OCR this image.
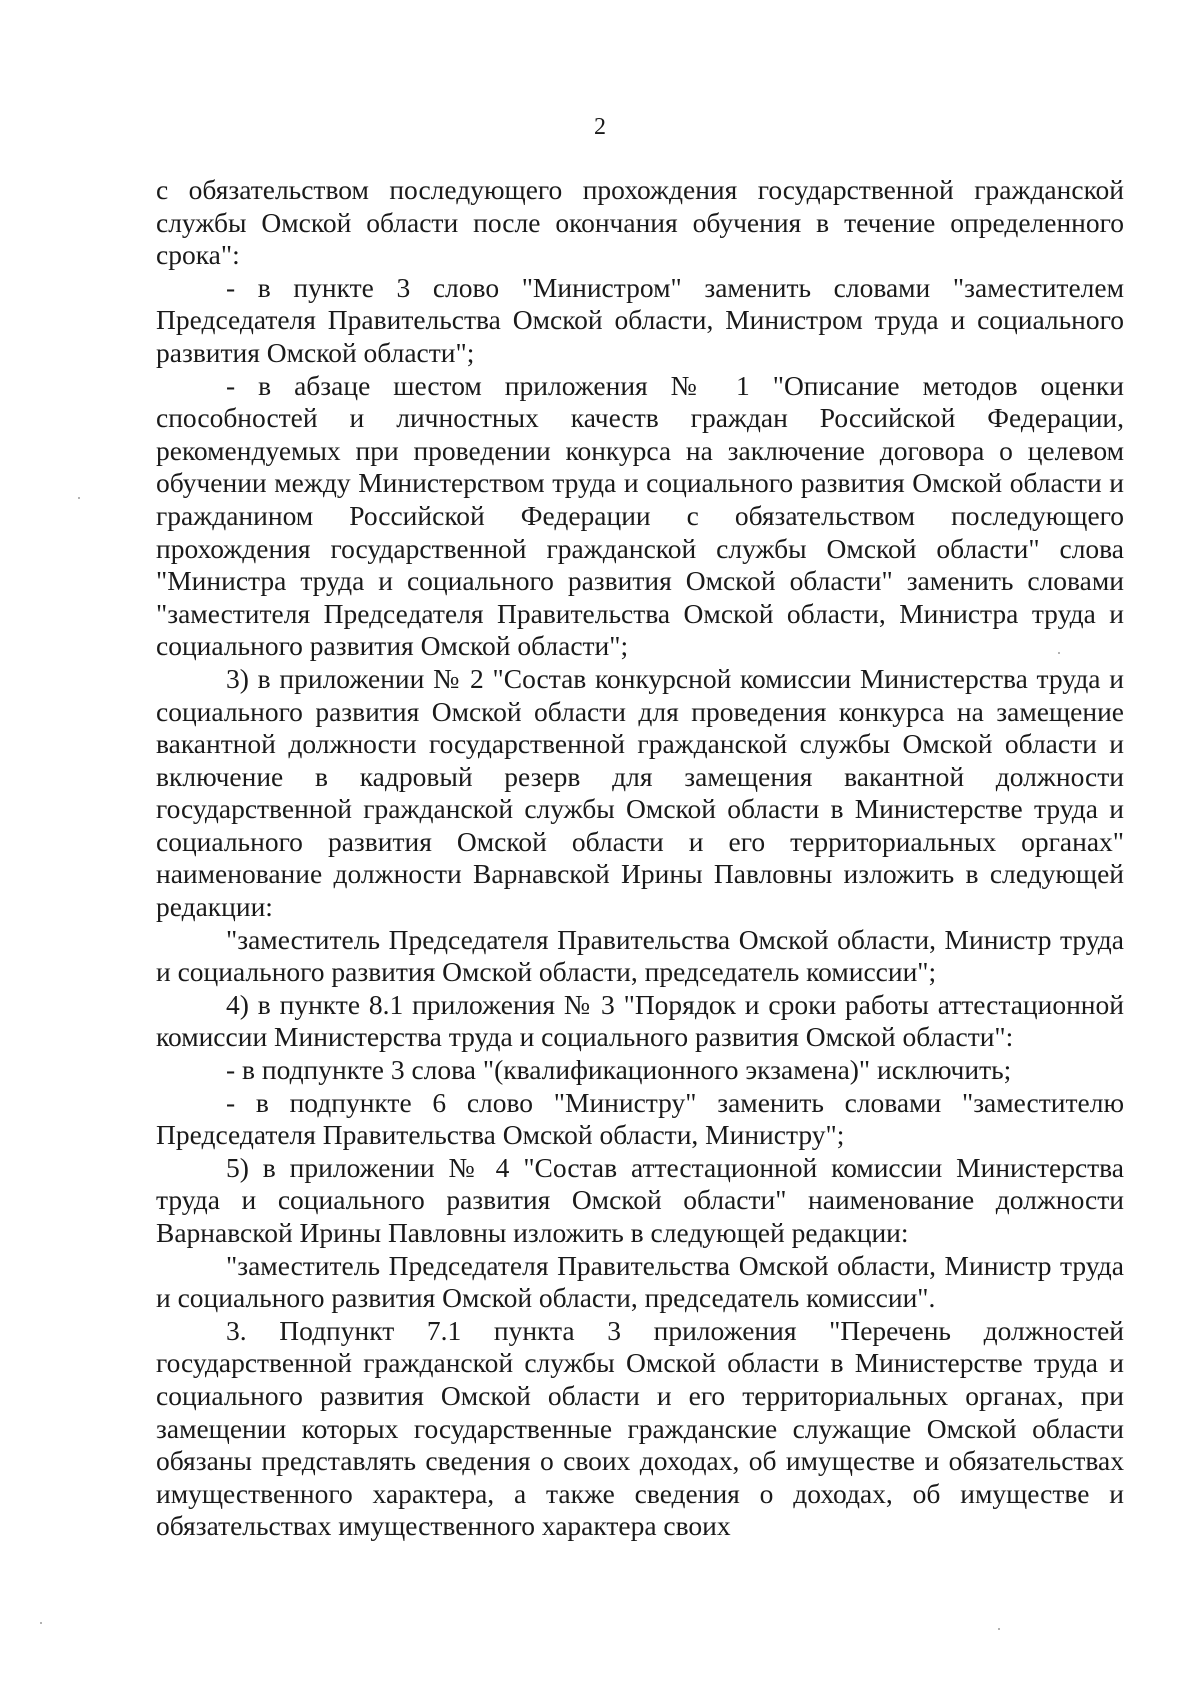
2

с обязательством последующего прохождения государственной гражданской службы Омской области после окончания обучения в течение определенного срока":

- в пункте 3 слово "Министром" заменить словами "заместителем Председателя Правительства Омской области, Министром труда и социального развития Омской области";

- в абзаце шестом приложения № 1 "Описание методов оценки способностей и личностных качеств граждан Российской Федерации, рекомендуемых при проведении конкурса на заключение договора о целевом обучении между Министерством труда и социального развития Омской области и гражданином Российской Федерации с обязательством последующего прохождения государственной гражданской службы Омской области" слова "Министра труда и социального развития Омской области" заменить словами "заместителя Председателя Правительства Омской области, Министра труда и социального развития Омской области";

3) в приложении № 2 "Состав конкурсной комиссии Министерства труда и социального развития Омской области для проведения конкурса на замещение вакантной должности государственной гражданской службы Омской области и включение в кадровый резерв для замещения вакантной должности государственной гражданской службы Омской области в Министерстве труда и социального развития Омской области и его территориальных органах" наименование должности Варнавской Ирины Павловны изложить в следующей редакции:

"заместитель Председателя Правительства Омской области, Министр труда и социального развития Омской области, председатель комиссии";

4) в пункте 8.1 приложения № 3 "Порядок и сроки работы аттестационной комиссии Министерства труда и социального развития Омской области":

- в подпункте 3 слова "(квалификационного экзамена)" исключить;

- в подпункте 6 слово "Министру" заменить словами "заместителю Председателя Правительства Омской области, Министру";

5) в приложении № 4 "Состав аттестационной комиссии Министерства труда и социального развития Омской области" наименование должности Варнавской Ирины Павловны изложить в следующей редакции:

"заместитель Председателя Правительства Омской области, Министр труда и социального развития Омской области, председатель комиссии".

3. Подпункт 7.1 пункта 3 приложения "Перечень должностей государственной гражданской службы Омской области в Министерстве труда и социального развития Омской области и его территориальных органах, при замещении которых государственные гражданские служащие Омской области обязаны представлять сведения о своих доходах, об имуществе и обязательствах имущественного характера, а также сведения о доходах, об имуществе и обязательствах имущественного характера своих
